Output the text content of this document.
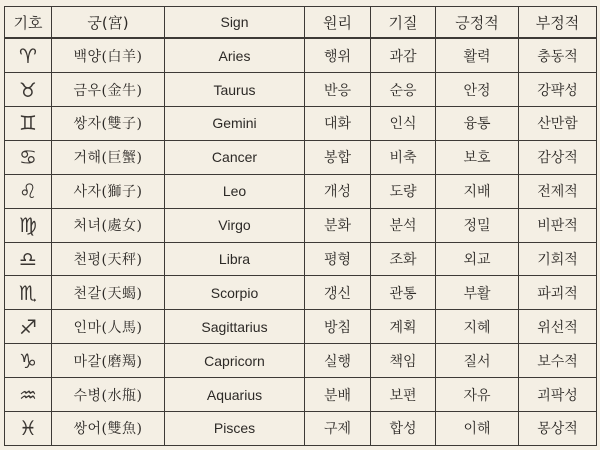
기호	궁(宮)	Sign	원리	기질	긍정적	부정적
♈︎	백양(白羊)	Aries	행위	과감	활력	충동적
♉︎	금우(金牛)	Taurus	반응	순응	안정	강퍅성
♊︎	쌍자(雙子)	Gemini	대화	인식	융통	산만함
♋︎	거해(巨蟹)	Cancer	봉합	비축	보호	감상적
♌︎	사자(獅子)	Leo	개성	도량	지배	전제적
♍︎	처녀(處女)	Virgo	분화	분석	정밀	비판적
♎︎	천평(天秤)	Libra	평형	조화	외교	기회적
♏︎	천갈(天蝎)	Scorpio	갱신	관통	부활	파괴적
♐︎	인마(人馬)	Sagittarius	방침	계획	지혜	위선적
♑︎	마갈(磨羯)	Capricorn	실행	책임	질서	보수적
♒︎	수병(水甁)	Aquarius	분배	보편	자유	괴팍성
♓︎	쌍어(雙魚)	Pisces	구제	합성	이해	몽상적
